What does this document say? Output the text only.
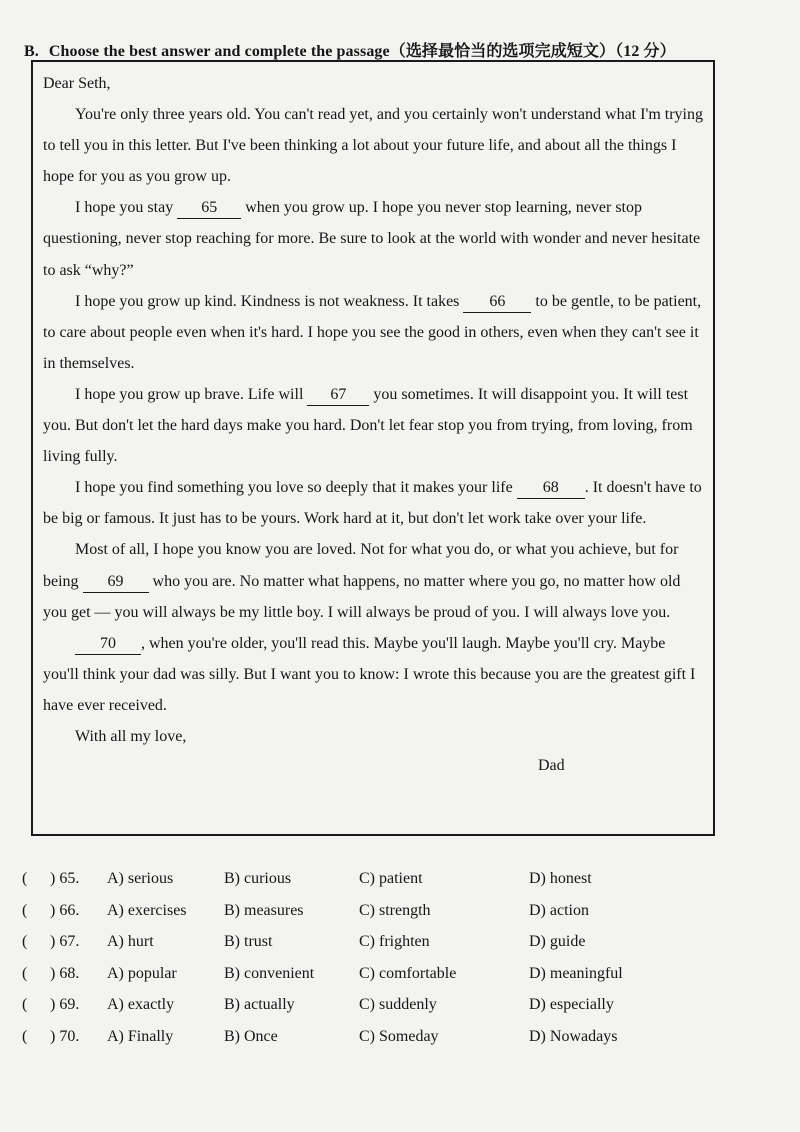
B. Choose the best answer and complete the passage（选择最恰当的选项完成短文）（12 分）

Dear Seth,

You're only three years old. You can't read yet, and you certainly won't understand what I'm trying to tell you in this letter. But I've been thinking a lot about your future life, and about all the things I hope for you as you grow up.

I hope you stay 65 when you grow up. I hope you never stop learning, never stop questioning, never stop reaching for more. Be sure to look at the world with wonder and never hesitate to ask “why?”

I hope you grow up kind. Kindness is not weakness. It takes 66 to be gentle, to be patient, to care about people even when it's hard. I hope you see the good in others, even when they can't see it in themselves.

I hope you grow up brave. Life will 67 you sometimes. It will disappoint you. It will test you. But don't let the hard days make you hard. Don't let fear stop you from trying, from loving, from living fully.

I hope you find something you love so deeply that it makes your life 68 . It doesn't have to be big or famous. It just has to be yours. Work hard at it, but don't let work take over your life.

Most of all, I hope you know you are loved. Not for what you do, or what you achieve, but for being 69 who you are. No matter what happens, no matter where you go, no matter how old you get — you will always be my little boy. I will always be proud of you. I will always love you.

70 , when you're older, you'll read this. Maybe you'll laugh. Maybe you'll cry. Maybe you'll think your dad was silly. But I want you to know: I wrote this because you are the greatest gift I have ever received.

With all my love,

Dad

( ) 65. A) serious	B) curious	C) patient	D) honest
( ) 66. A) exercises B) measures	C) strength	D) action
( ) 67. A) hurt	B) trust	C) frighten	D) guide
( ) 68. A) popular	B) convenient	C) comfortable	D) meaningful
( ) 69. A) exactly	B) actually	C) suddenly	D) especially
( ) 70. A) Finally	B) Once	C) Someday	D) Nowadays
